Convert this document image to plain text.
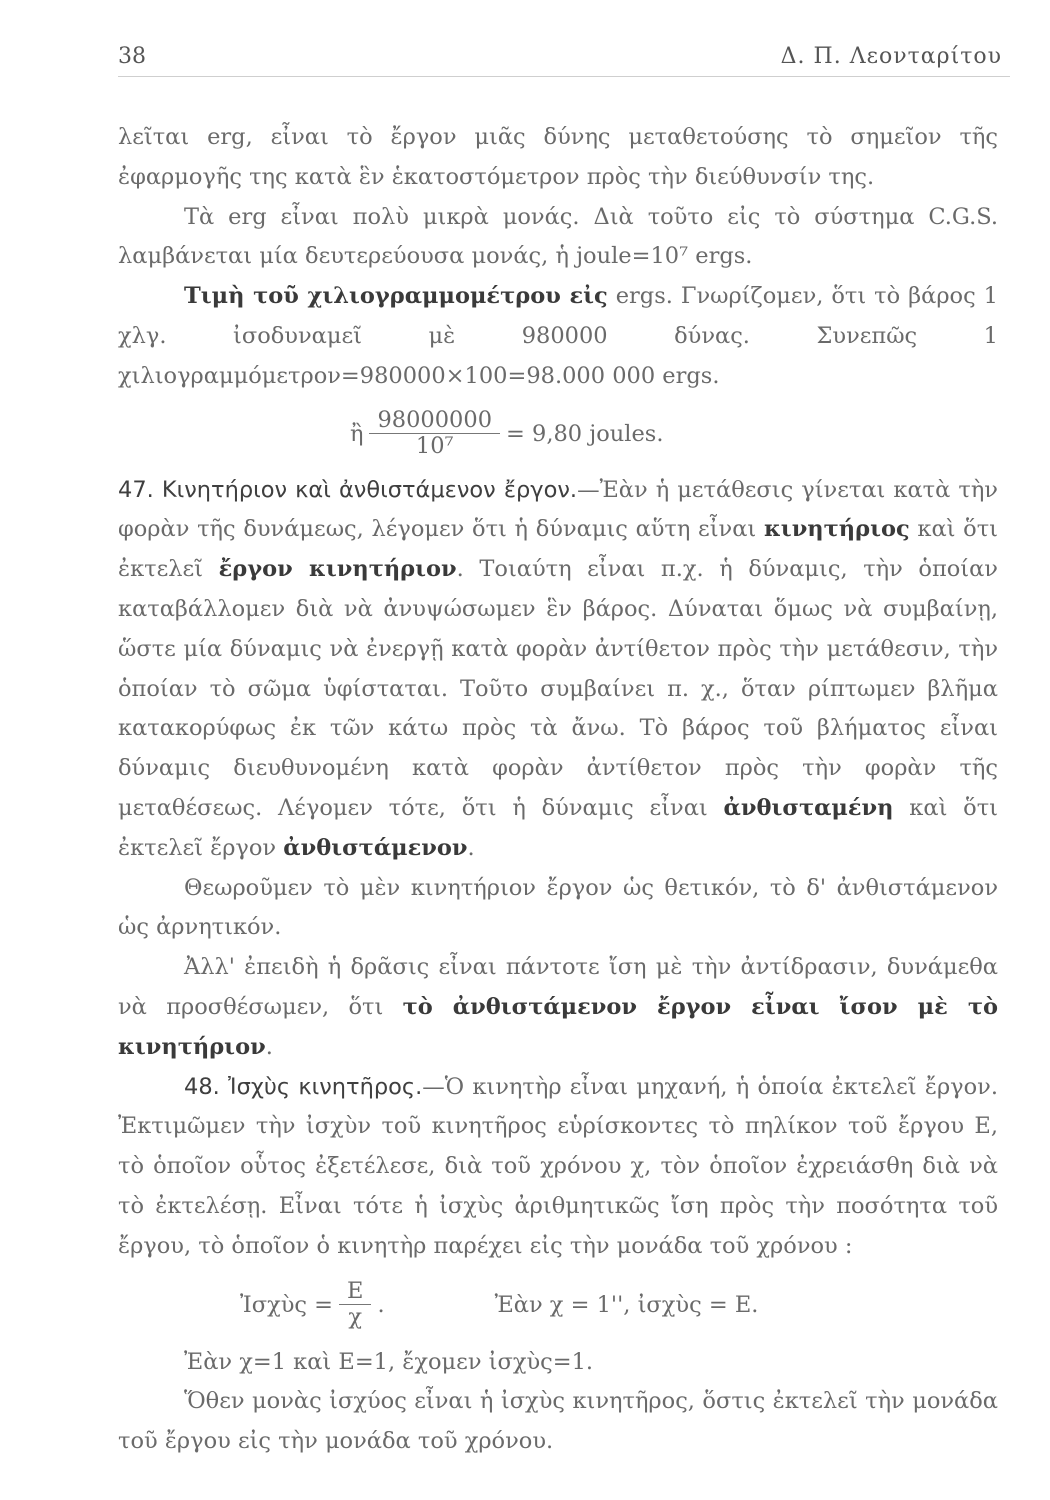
38	Δ. Π. Λεονταρίτου

λεῖται erg, εἶναι τὸ ἔργον μιᾶς δύνης μεταθετούσης τὸ σημεῖον τῆς ἐφαρμογῆς της κατὰ ἓν ἑκατοστόμετρον πρὸς τὴν διεύθυνσίν της.

Τὰ erg εἶναι πολὺ μικρὰ μονάς. Διὰ τοῦτο εἰς τὸ σύστημα C.G.S. λαμβάνεται μία δευτερεύουσα μονάς, ἡ joule=10⁷ ergs.

Τιμὴ τοῦ χιλιογραμμομέτρου εἰς ergs. Γνωρίζομεν, ὅτι τὸ βάρος 1 χλγ. ἰσοδυναμεῖ μὲ 980000 δύνας. Συνεπῶς 1 χιλιογραμμόμετρον=980000×100=98.000 000 ergs.

ἢ $\frac{98000000}{\text{10⁷}} = 9,80$ joules.

47. Κινητήριον καὶ ἀνθιστάμενον ἔργον.—Ἐὰν ἡ μετάθεσις γίνεται κατὰ τὴν φορὰν τῆς δυνάμεως, λέγομεν ὅτι ἡ δύναμις αὕτη εἶναι κινητήριος καὶ ὅτι ἐκτελεῖ ἔργον κινητήριον. Τοιαύτη εἶναι π.χ. ἡ δύναμις, τὴν ὁποίαν καταβάλλομεν διὰ νὰ ἀνυψώσωμεν ἓν βάρος. Δύναται ὅμως νὰ συμβαίνῃ, ὥστε μία δύναμις νὰ ἐνεργῇ κατὰ φορὰν ἀντίθετον πρὸς τὴν μετάθεσιν, τὴν ὁποίαν τὸ σῶμα ὑφίσταται. Τοῦτο συμβαίνει π. χ., ὅταν ρίπτωμεν βλῆμα κατακορύφως ἐκ τῶν κάτω πρὸς τὰ ἄνω. Τὸ βάρος τοῦ βλήματος εἶναι δύναμις διευθυνομένη κατὰ φορὰν ἀντίθετον πρὸς τὴν φορὰν τῆς μεταθέσεως. Λέγομεν τότε, ὅτι ἡ δύναμις εἶναι ἀνθισταμένη καὶ ὅτι ἐκτελεῖ ἔργον ἀνθιστάμενον.

Θεωροῦμεν τὸ μὲν κινητήριον ἔργον ὡς θετικόν, τὸ δ' ἀνθιστάμενον ὡς ἀρνητικόν.

Ἀλλ' ἐπειδὴ ἡ δρᾶσις εἶναι πάντοτε ἴση μὲ τὴν ἀντίδρασιν, δυνάμεθα νὰ προσθέσωμεν, ὅτι τὸ ἀνθιστάμενον ἔργον εἶναι ἴσον μὲ τὸ κινητήριον.

48. Ἰσχὺς κινητῆρος.—Ὁ κινητὴρ εἶναι μηχανή, ἡ ὁποία ἐκτελεῖ ἔργον. Ἐκτιμῶμεν τὴν ἰσχὺν τοῦ κινητῆρος εὑρίσκοντες τὸ πηλίκον τοῦ ἔργου E, τὸ ὁποῖον οὗτος ἐξετέλεσε, διὰ τοῦ χρόνου χ, τὸν ὁποῖον ἐχρειάσθη διὰ νὰ τὸ ἐκτελέσῃ. Εἶναι τότε ἡ ἰσχὺς ἀριθμητικῶς ἴση πρὸς τὴν ποσότητα τοῦ ἔργου, τὸ ὁποῖον ὁ κινητὴρ παρέχει εἰς τὴν μονάδα τοῦ χρόνου :

Ἰσχὺς = $\frac{E}{\chi}$ .	Ἐὰν χ = 1'', ἰσχὺς = E.

Ἐὰν χ=1 καὶ E=1, ἔχομεν ἰσχὺς=1.

Ὅθεν μονὰς ἰσχύος εἶναι ἡ ἰσχὺς κινητῆρος, ὅστις ἐκτελεῖ τὴν μονάδα τοῦ ἔργου εἰς τὴν μονάδα τοῦ χρόνου.
